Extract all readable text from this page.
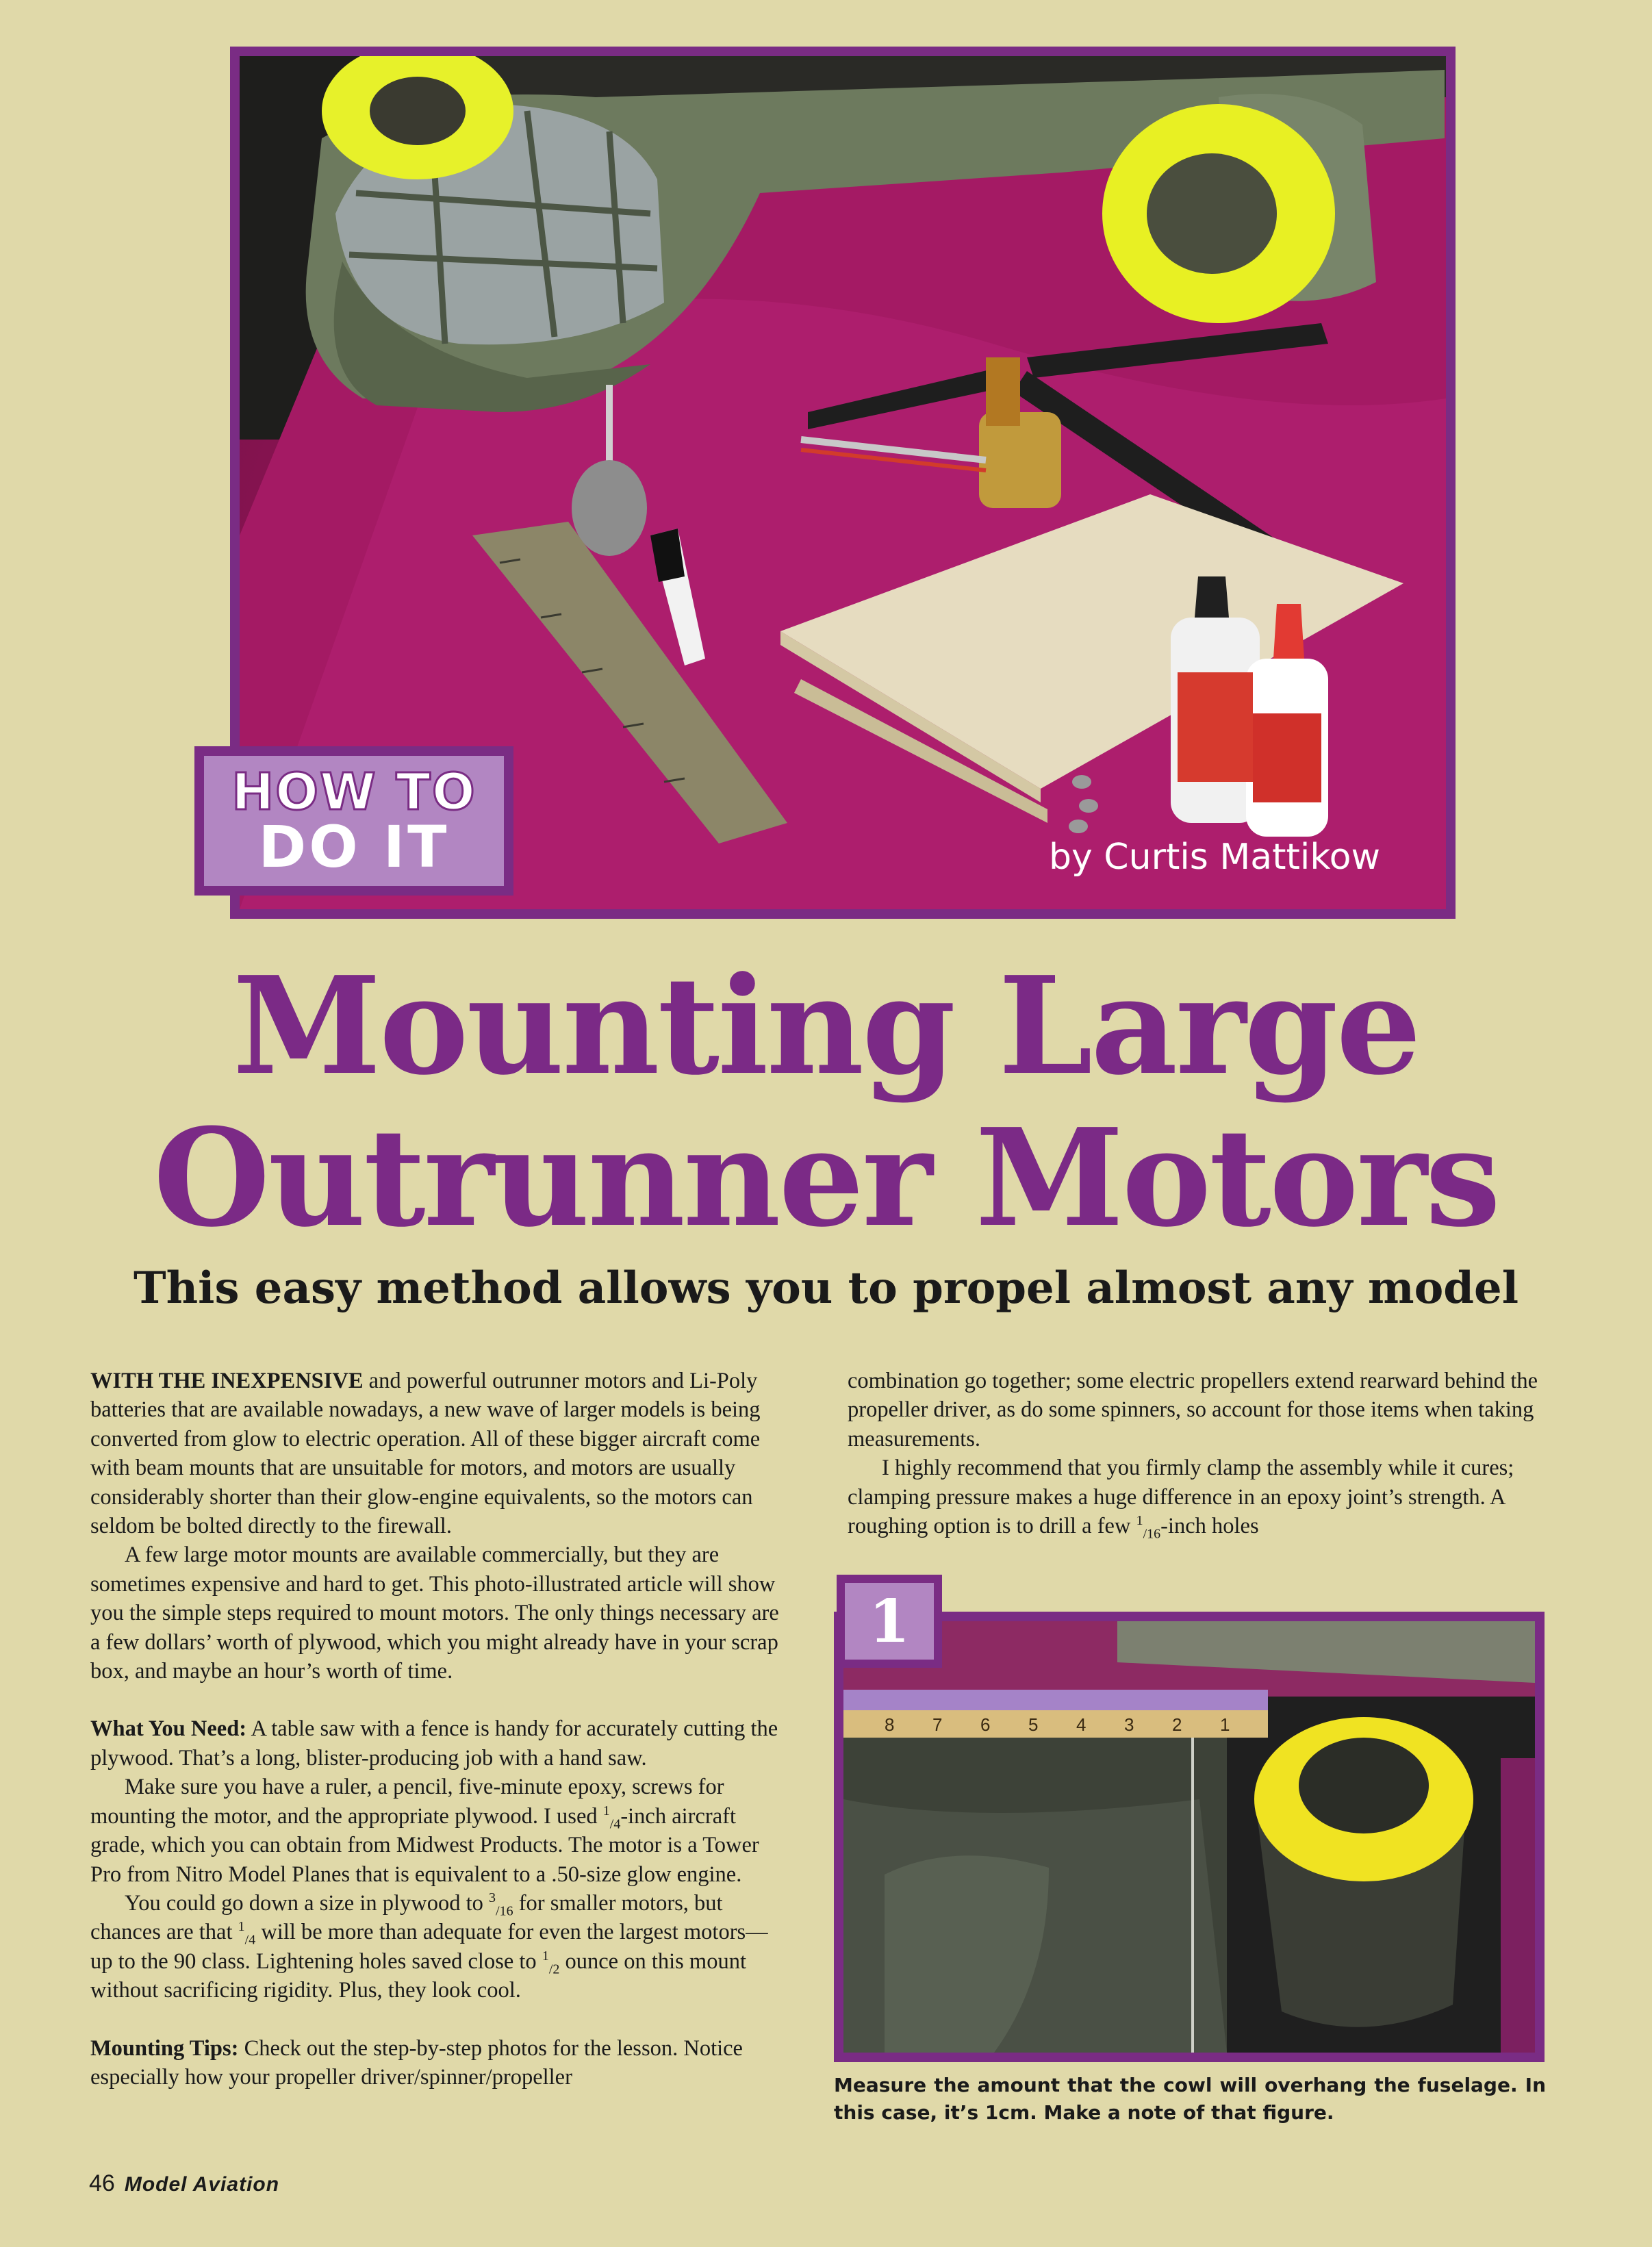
HOW TO
DO IT	by Curtis Mattikow
Mounting Large
Outrunner Motors
This easy method allows you to propel almost any model

WITH THE INEXPENSIVE and powerful outrunner motors and Li-Poly batteries that are available nowadays, a new wave of larger models is being converted from glow to electric operation. All of these bigger aircraft come with beam mounts that are unsuitable for motors, and motors are usually considerably shorter than their glow-engine equivalents, so the motors can seldom be bolted directly to the firewall.

A few large motor mounts are available commercially, but they are sometimes expensive and hard to get. This photo-illustrated article will show you the simple steps required to mount motors. The only things necessary are a few dollars’ worth of plywood, which you might already have in your scrap box, and maybe an hour’s worth of time.

What You Need: A table saw with a fence is handy for accurately cutting the plywood. That’s a long, blister-producing job with a hand saw.

Make sure you have a ruler, a pencil, five-minute epoxy, screws for mounting the motor, and the appropriate plywood. I used $^1_{/4}$-inch aircraft grade, which you can obtain from Midwest Products. The motor is a Tower Pro from Nitro Model Planes that is equivalent to a .50-size glow engine.

You could go down a size in plywood to $^3_{/16}$ for smaller motors, but chances are that $^1_{/4}$ will be more than adequate for even the largest motors—up to the 90 class. Lightening holes saved close to $^1_{/2}$ ounce on this mount without sacrificing rigidity. Plus, they look cool.

Mounting Tips: Check out the step-by-step photos for the lesson. Notice especially how your propeller driver/spinner/propeller

combination go together; some electric propellers extend rearward behind the propeller driver, as do some spinners, so account for those items when taking measurements.

I highly recommend that you firmly clamp the assembly while it cures; clamping pressure makes a huge difference in an epoxy joint’s strength. A roughing option is to drill a few $^1_{/16}$-inch holes

8 7 6 5 4 3 2 1
1
Measure the amount that the cowl will overhang the fuselage. In this case, it’s 1cm. Make a note of that figure.
46 Model Aviation
